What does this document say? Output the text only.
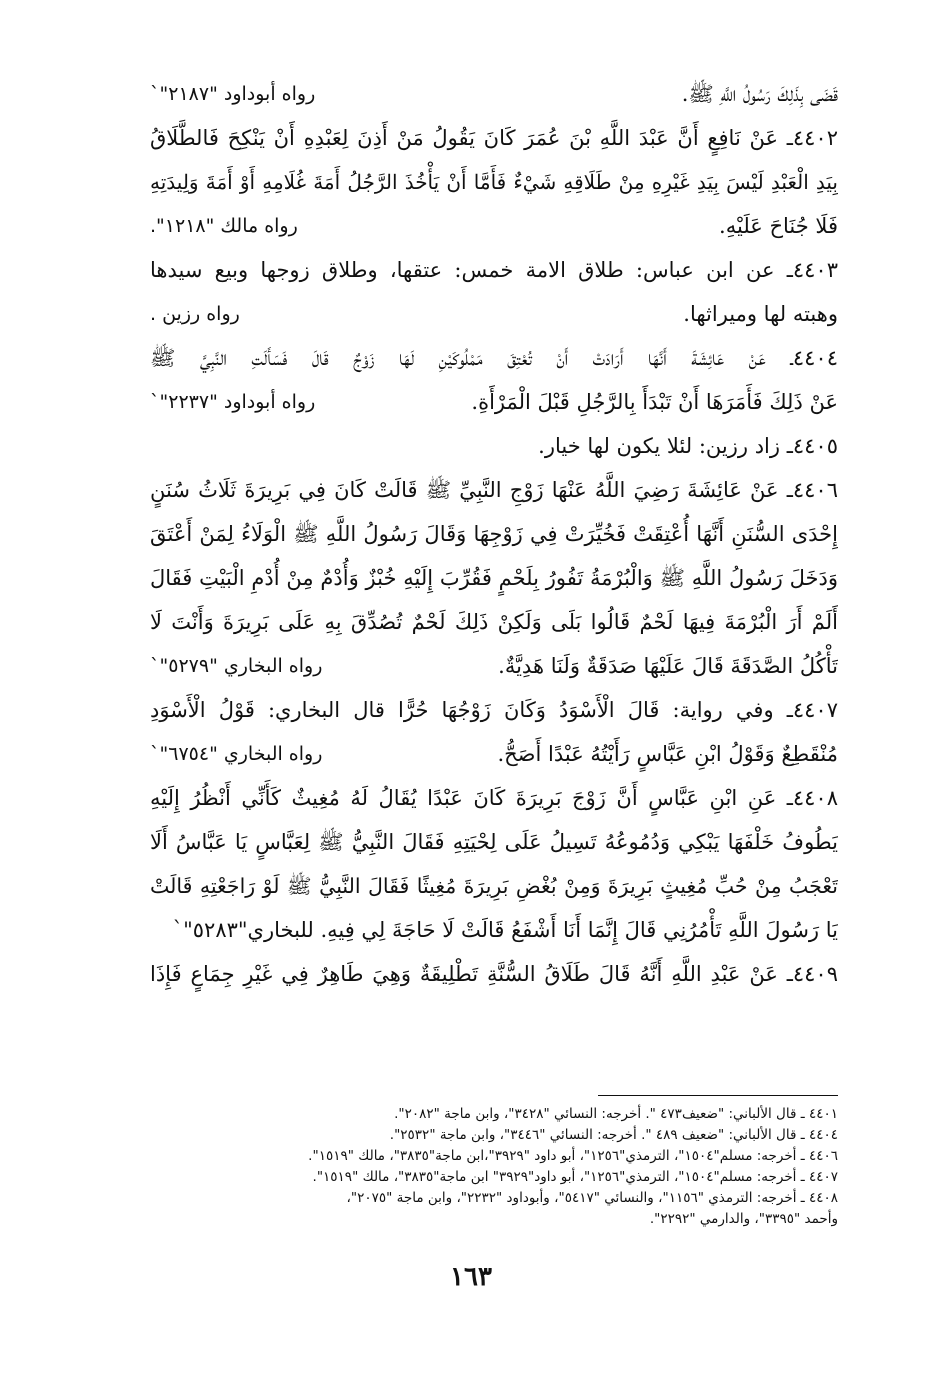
قَضَى بِذَلِكَ رَسُولُ اللَّهِ ﷺ.
رواه أبوداود "٢١٨٧"`
٤٤٠٢ـ عَنْ نَافِعٍ أَنَّ عَبْدَ اللَّهِ بْنَ عُمَرَ كَانَ يَقُولُ مَنْ أَذِنَ لِعَبْدِهِ أَنْ يَنْكِحَ فَالطَّلَاقُ
بِيَدِ الْعَبْدِ لَيْسَ بِيَدِ غَيْرِهِ مِنْ طَلَاقِهِ شَيْءٌ فَأَمَّا أَنْ يَأْخُذَ الرَّجُلُ أَمَةَ غُلَامِهِ أَوْ أَمَةَ وَلِيدَتِهِ
فَلَا جُنَاحَ عَلَيْهِ.
رواه مالك "١٢١٨".
٤٤٠٣ـ عن ابن عباس: طلاق الامة خمس: عتقها، وطلاق زوجها وبيع سيدها
وهبته لها وميراثها.
رواه رزين .
٤٤٠٤ـ عَنْ عَائِشَةَ أَنَّهَا أَرَادَتْ أَنْ تُعْتِقَ مَمْلُوكَيْنِ لَهَا زَوْجٌ قَالَ فَسَأَلَتِ النَّبِيَّ ﷺ
عَنْ ذَلِكَ فَأَمَرَهَا أَنْ تَبْدَأَ بِالرَّجُلِ قَبْلَ الْمَرْأَةِ.
رواه أبوداود "٢٢٣٧"`
٤٤٠٥ـ زاد رزين: لئلا يكون لها خيار.
٤٤٠٦ـ عَنْ عَائِشَةَ رَضِيَ اللَّهُ عَنْهَا زَوْجِ النَّبِيِّ ﷺ قَالَتْ كَانَ فِي بَرِيرَةَ ثَلَاثُ سُنَنٍ
إِحْدَى السُّنَنِ أَنَّهَا أُعْتِقَتْ فَخُيِّرَتْ فِي زَوْجِهَا وَقَالَ رَسُولُ اللَّهِ ﷺ الْوَلَاءُ لِمَنْ أَعْتَقَ
وَدَخَلَ رَسُولُ اللَّهِ ﷺ وَالْبُرْمَةُ تَفُورُ بِلَحْمٍ فَقُرِّبَ إِلَيْهِ خُبْزٌ وَأُدْمٌ مِنْ أُدْمِ الْبَيْتِ فَقَالَ
أَلَمْ أَرَ الْبُرْمَةَ فِيهَا لَحْمٌ قَالُوا بَلَى وَلَكِنْ ذَلِكَ لَحْمٌ تُصُدِّقَ بِهِ عَلَى بَرِيرَةَ وَأَنْتَ لَا
تَأْكُلُ الصَّدَقَةَ قَالَ عَلَيْهَا صَدَقَةٌ وَلَنَا هَدِيَّةٌ.
رواه البخاري "٥٢٧٩"`
٤٤٠٧ـ وفي رواية: قَالَ الْأَسْوَدُ وَكَانَ زَوْجُهَا حُرًّا قال البخاري: قَوْلُ الْأَسْوَدِ
مُنْقَطِعٌ وَقَوْلُ ابْنِ عَبَّاسٍ رَأَيْتُهُ عَبْدًا أَصَحُّ.
رواه البخاري "٦٧٥٤"`
٤٤٠٨ـ عَنِ ابْنِ عَبَّاسٍ أَنَّ زَوْجَ بَرِيرَةَ كَانَ عَبْدًا يُقَالُ لَهُ مُغِيثٌ كَأَنِّي أَنْظُرُ إِلَيْهِ
يَطُوفُ خَلْفَهَا يَبْكِي وَدُمُوعُهُ تَسِيلُ عَلَى لِحْيَتِهِ فَقَالَ النَّبِيُّ ﷺ لِعَبَّاسٍ يَا عَبَّاسُ أَلَا
تَعْجَبُ مِنْ حُبِّ مُغِيثٍ بَرِيرَةَ وَمِنْ بُغْضِ بَرِيرَةَ مُغِيثًا فَقَالَ النَّبِيُّ ﷺ لَوْ رَاجَعْتِهِ قَالَتْ
يَا رَسُولَ اللَّهِ تَأْمُرُنِي قَالَ إِنَّمَا أَنَا أَشْفَعُ قَالَتْ لَا حَاجَةَ لِي فِيهِ. للبخاري"٥٢٨٣"`
٤٤٠٩ـ عَنْ عَبْدِ اللَّهِ أَنَّهُ قَالَ طَلَاقُ السُّنَّةِ تَطْلِيقَةٌ وَهِيَ طَاهِرٌ فِي غَيْرِ جِمَاعٍ فَإِذَا
٤٤٠١ ـ قال الألباني: "ضعيف٤٧٣ ". أخرجه: النسائي "٣٤٢٨"، وابن ماجة "٢٠٨٢".
٤٤٠٤ ـ قال الألباني: "ضعيف ٤٨٩ ". أخرجه: النسائي "٣٤٤٦"، وابن ماجة "٢٥٣٢".
٤٤٠٦ ـ أخرجه: مسلم"١٥٠٤"، الترمذي"١٢٥٦"، أبو داود "٣٩٢٩"،ابن ماجة"٣٨٣٥"، مالك "١٥١٩".
٤٤٠٧ ـ أخرجه: مسلم"١٥٠٤"، الترمذي"١٢٥٦"، أبو داود"٣٩٢٩" ابن ماجة"٣٨٣٥"، مالك "١٥١٩".
٤٤٠٨ ـ أخرجه: الترمذي "١١٥٦"، والنسائي "٥٤١٧"، وأبوداود "٢٢٣٢"، وابن ماجة "٢٠٧٥"،
وأحمد "٣٣٩٥"، والدارمي "٢٢٩٢".
١٦٣
